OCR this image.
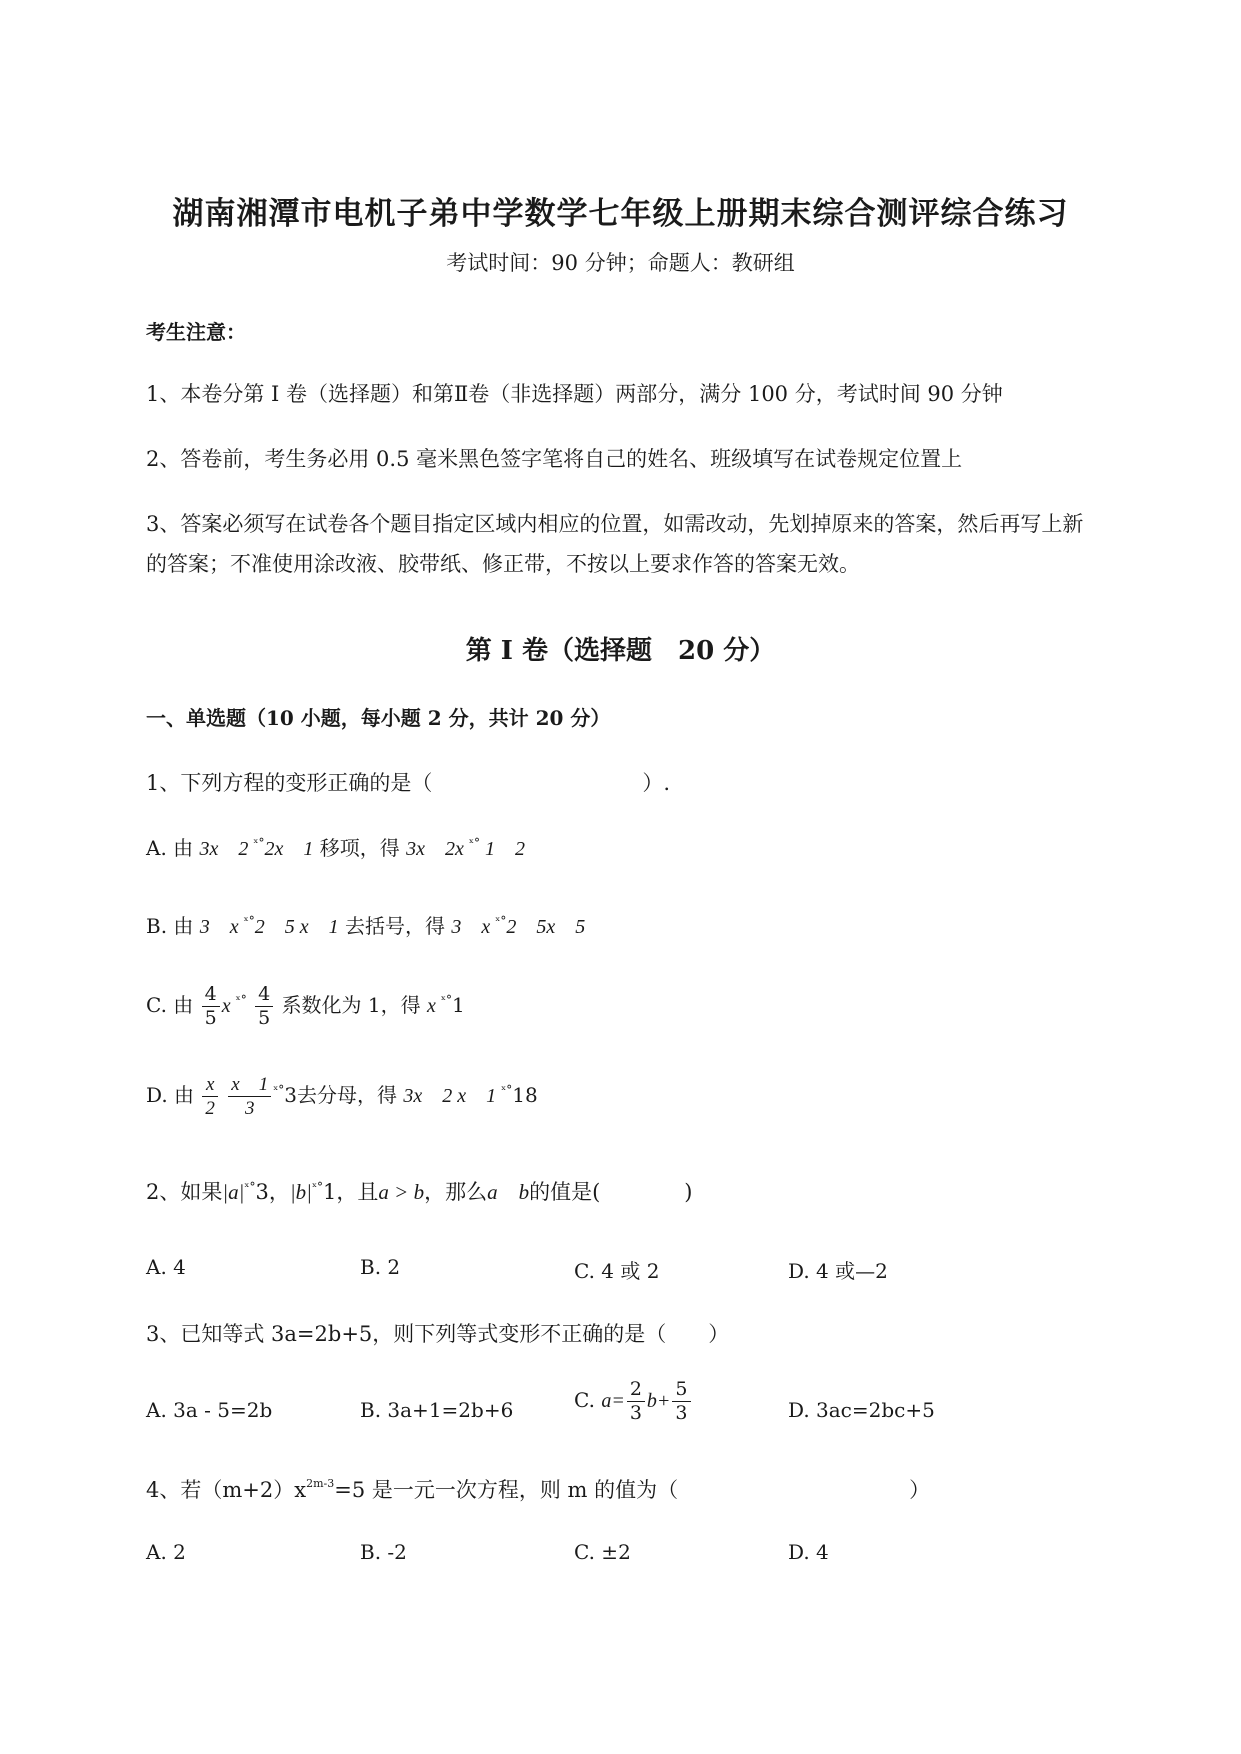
湖南湘潭市电机子弟中学数学七年级上册期末综合测评综合练习
考试时间：90 分钟；命题人：教研组
考生注意：
1、本卷分第 I 卷（选择题）和第Ⅱ卷（非选择题）两部分，满分 100 分，考试时间 90 分钟
2、答卷前，考生务必用 0.5 毫米黑色签字笔将自己的姓名、班级填写在试卷规定位置上
3、答案必须写在试卷各个题目指定区域内相应的位置，如需改动，先划掉原来的答案，然后再写上新
的答案；不准使用涂改液、胶带纸、修正带，不按以上要求作答的答案无效。
第 I 卷（选择题　20 分）
一、单选题（10 小题，每小题 2 分，共计 20 分）
1、下列方程的变形正确的是（　　　　　　　　　　）.
A. 由 3x　2 $^{ˣ^\circ}$2x　1 移项，得 3x　2x $^{ˣ^\circ}$ 1　2
B. 由 3　x $^{ˣ^\circ}$2　5 x　1 去括号，得 3　x $^{ˣ^\circ}$2　5x　5
C. 由 $\frac{4}{5}$ x $^{ˣ^\circ} \frac{4}{5}$ 系数化为 1，得 x $^{ˣ^\circ}$1
D. 由 $\frac{x}{2}$
$\frac{x 1}{3} ^{ˣ^\circ}3$去分母，得 3x　2 x　1 $^{ˣ^\circ}$18
2、如果$|a|^{ˣ^\circ}3$，$|b|^{ˣ^\circ}1$，且a > b，那么a　b的值是(　　　　)
A. 4	B. 2	C. 4 或 2	D. 4 或—2
3、已知等式 3a=2b+5，则下列等式变形不正确的是（　　）
A. 3a - 5=2b	B. 3a+1=2b+6	C. $a= \frac{2}{3} b+ \frac{5}{3}$	D. 3ac=2bc+5
4、若$(m+2)x^{2m-3}=5$ 是一元一次方程，则 m 的值为（　　　　　　　　　　　）
A. 2	B. -2	C. ±2	D. 4
